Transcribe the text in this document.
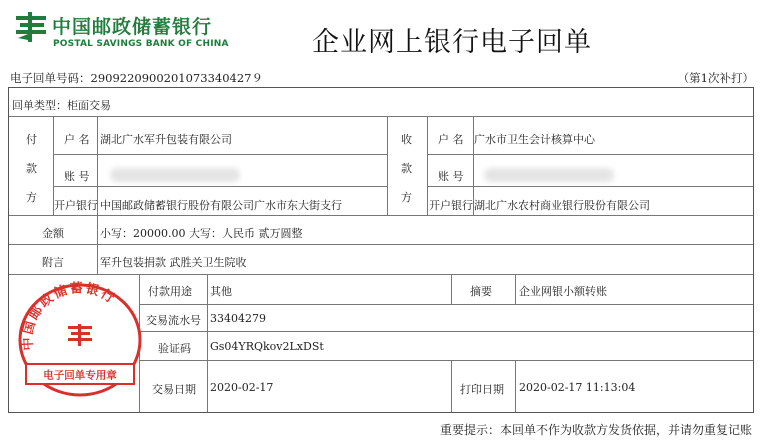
中国邮政储蓄银行
POSTAL SAVINGS BANK OF CHINA	企业网上银行电子回单
电子回单号码：2909220900201073340427９	（第1次补打）
回单类型：柜面交易
付
款
方
户 名 湖北广水军升包装有限公司
账 号
开户银行 中国邮政储蓄银行股份有限公司广水市东大街支行
收
款
方
户 名 广水市卫生会计核算中心
账 号
开户银行 湖北广水农村商业银行股份有限公司
金额	小写：20000.00 大写：人民币 贰万圆整
附言	军升包装捐款 武胜关卫生院收
付款用途 其他	摘要 企业网银小额转账
交易流水号 33404279
验证码 Gs04YRQkov2LxDSt
交易日期 2020-02-17	打印日期 2020-02-17 11:13:04
中国邮政储蓄银行
电子回单专用章
重要提示：本回单不作为收款方发货依据，并请勿重复记账
